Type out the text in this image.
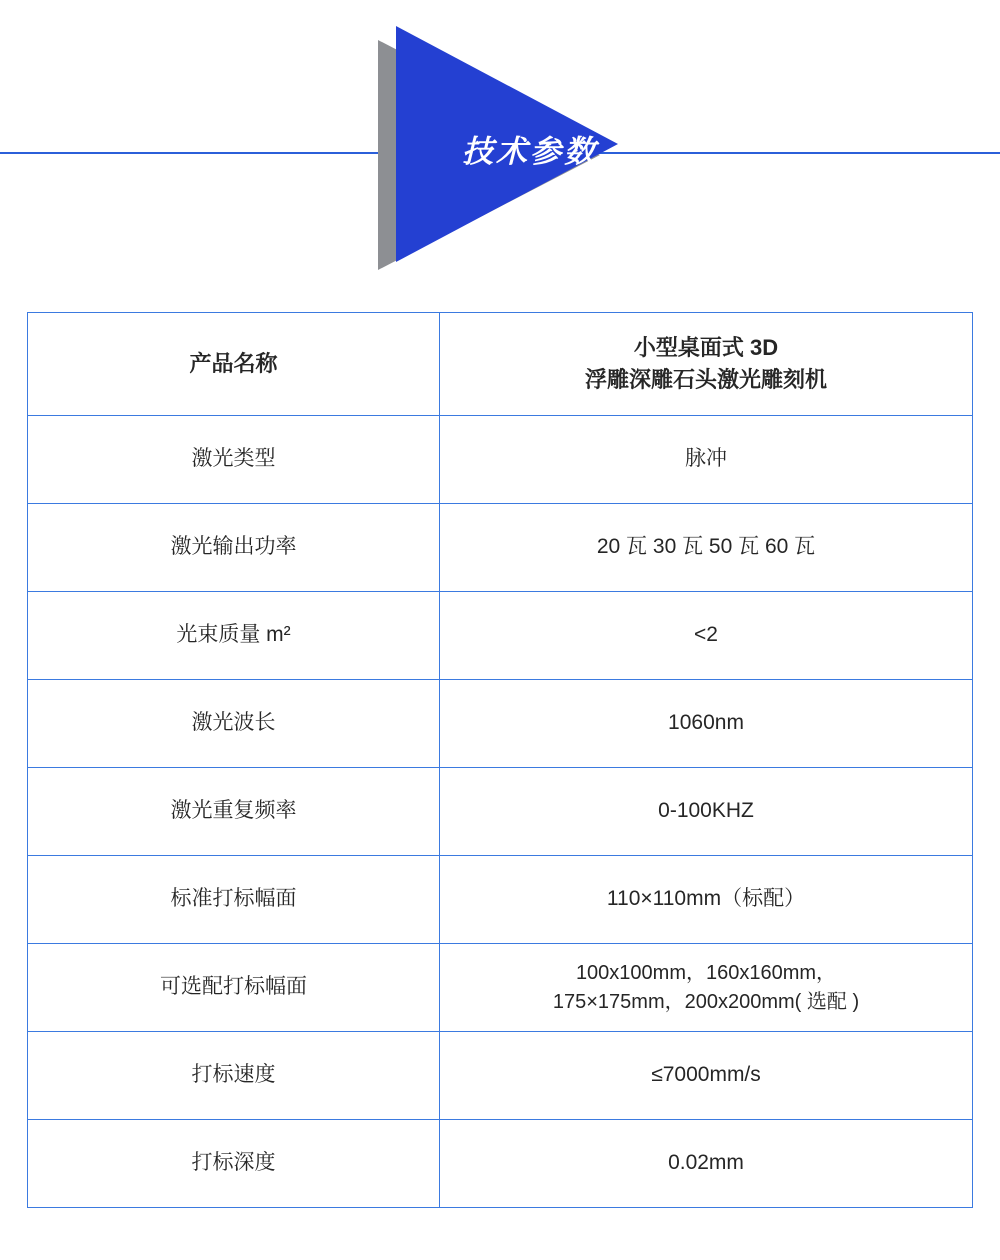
技术参数
产品名称	小型桌面式 3D
浮雕深雕石头激光雕刻机

激光类型	脉冲
激光输出功率	20 瓦 30 瓦 50 瓦 60 瓦
光束质量 m²	<2
激光波长	1060nm
激光重复频率	0-100KHZ
标准打标幅面	110×110mm（标配）
可选配打标幅面	100x100mm，160x160mm，
175×175mm，200x200mm( 选配 )

打标速度	≤7000mm/s
打标深度	0.02mm
